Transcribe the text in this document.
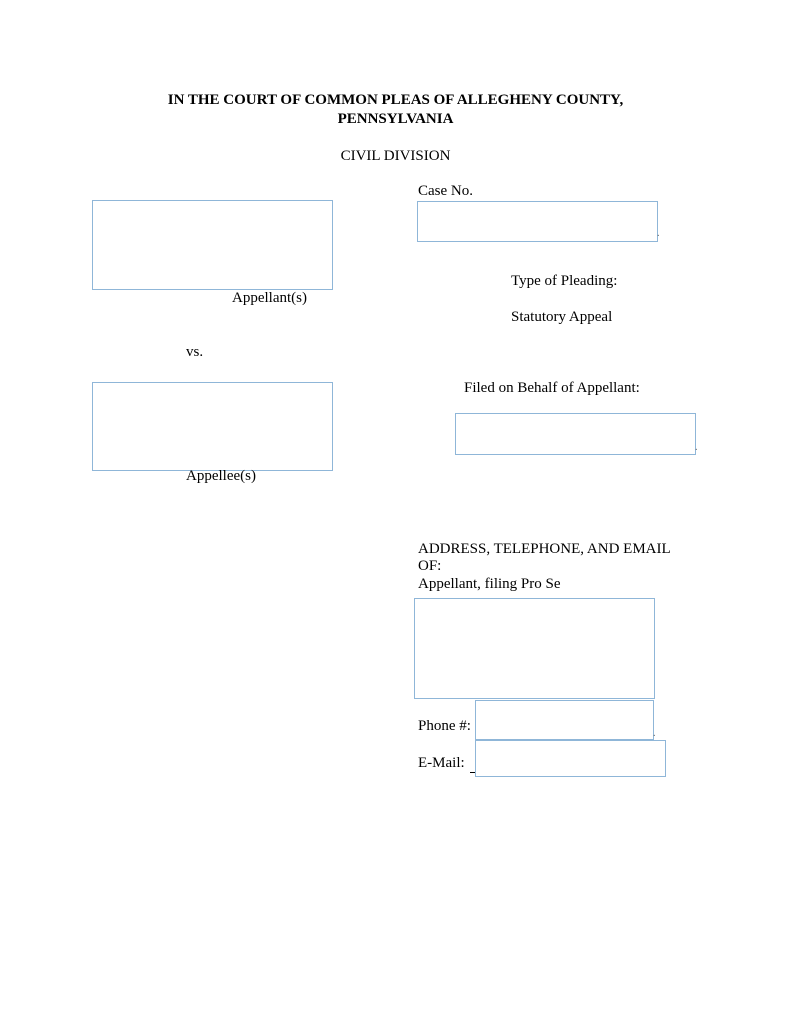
IN THE COURT OF COMMON PLEAS OF ALLEGHENY COUNTY,
PENNSYLVANIA
CIVIL DIVISION
Appellant(s)
vs.
Appellee(s)
Case No.
.
Type of Pleading:
Statutory Appeal
Filed on Behalf of Appellant:
.
ADDRESS, TELEPHONE, AND EMAIL
OF:
Appellant, filing Pro Se
Phone #:	.
E-Mail:
